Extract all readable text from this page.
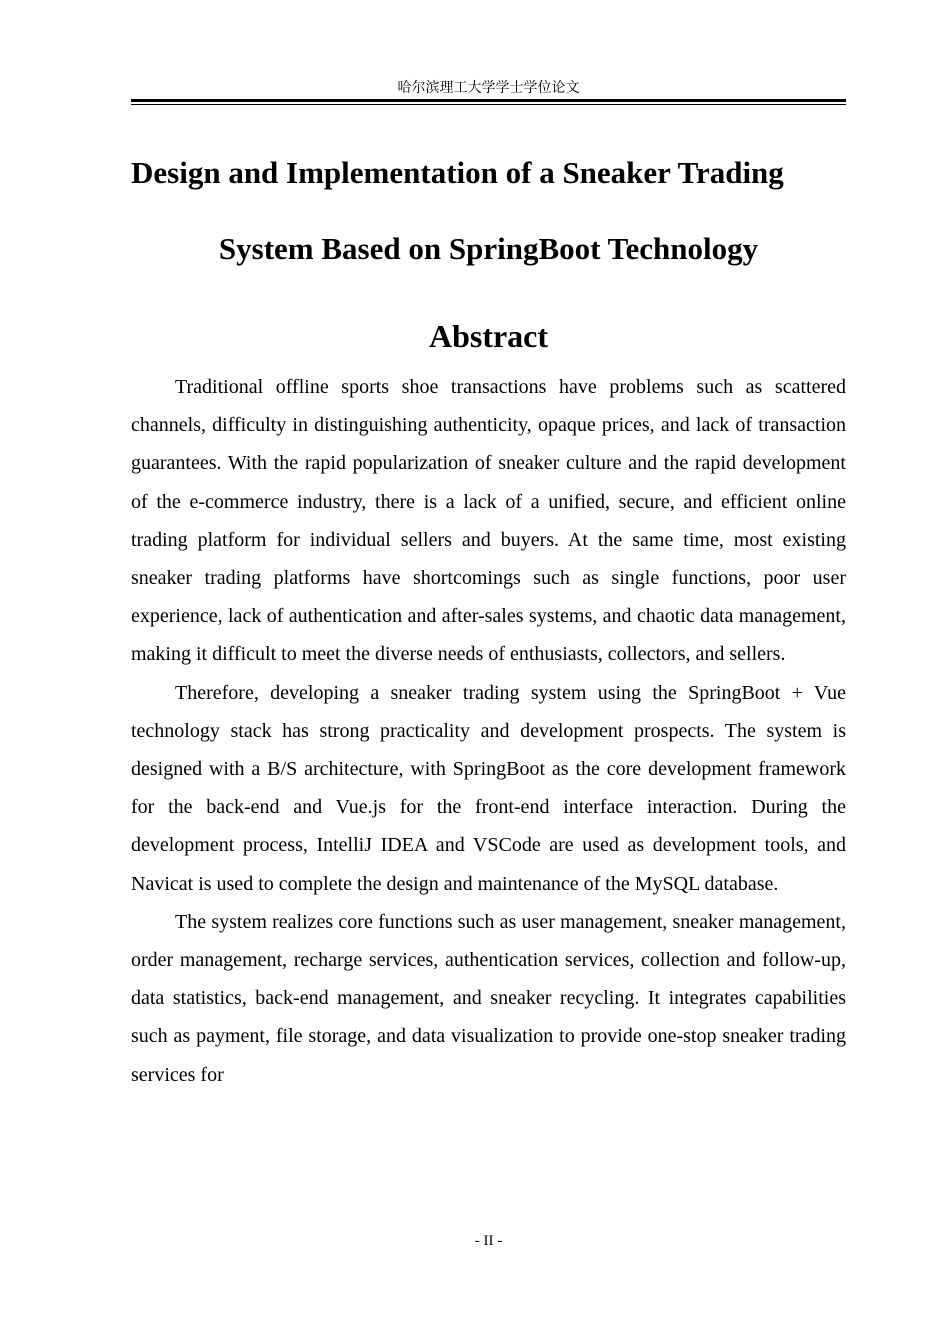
哈尔滨理工大学学士学位论文
Design and Implementation of a Sneaker Trading
System Based on SpringBoot Technology
Abstract

Traditional offline sports shoe transactions have problems such as scattered channels, difficulty in distinguishing authenticity, opaque prices, and lack of transaction guarantees. With the rapid popularization of sneaker culture and the rapid development of the e-commerce industry, there is a lack of a unified, secure, and efficient online trading platform for individual sellers and buyers. At the same time, most existing sneaker trading platforms have shortcomings such as single functions, poor user experience, lack of authentication and after-sales systems, and chaotic data management, making it difficult to meet the diverse needs of enthusiasts, collectors, and sellers.

Therefore, developing a sneaker trading system using the SpringBoot + Vue technology stack has strong practicality and development prospects. The system is designed with a B/S architecture, with SpringBoot as the core development framework for the back-end and Vue.js for the front-end interface interaction. During the development process, IntelliJ IDEA and VSCode are used as development tools, and Navicat is used to complete the design and maintenance of the MySQL database.

The system realizes core functions such as user management, sneaker management, order management, recharge services, authentication services, collection and follow-up, data statistics, back-end management, and sneaker recycling. It integrates capabilities such as payment, file storage, and data visualization to provide one-stop sneaker trading services for

- II -
